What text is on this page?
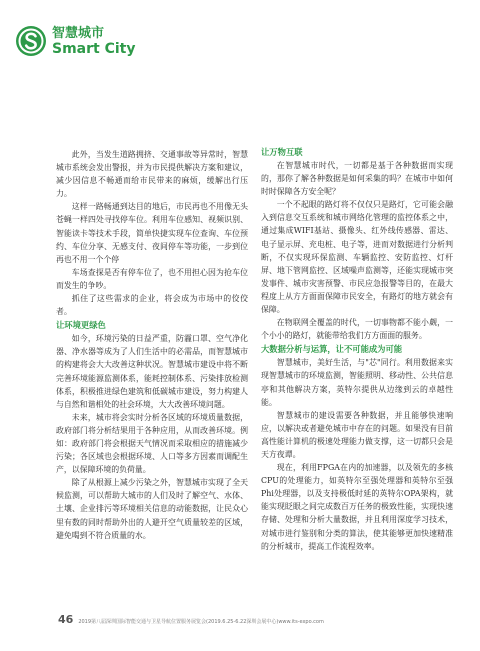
智慧城市
Smart City

此外，当发生道路拥挤、交通事故等异常时，智慧城市系统会发出警报，并为市民提供解决方案和建议，减少因信息不畅通而给市民带来的麻烦，缓解出行压力。

这样一路畅通到达目的地后，市民再也不用像无头苍蝇一样四处寻找停车位。利用车位感知、视频识别、智能读卡等技术手段，简单快捷实现车位查询、车位预约、车位分享、无感支付、夜间停车等功能，一步到位再也不用一个个停

车场查探是否有停车位了，也不用担心因为抢车位而发生的争吵。

抓住了这些需求的企业，将会成为市场中的佼佼者。

让环境更绿色

如今，环境污染的日益严重，防霾口罩、空气净化器、净水器等成为了人们生活中的必需品，而智慧城市的构建将会大大改善这种状况。智慧城市建设中将不断完善环境能源监测体系，能耗控制体系、污染排放检测体系，积极推进绿色建筑和低碳城市建设，努力构建人与自然和谐相处的社会环境，大大改善环境问题。

未来，城市将会实时分析各区域的环境质量数据，政府部门将分析结果用于各种应用，从而改善环境。例如：政府部门将会根据天气情况而采取相应的措施减少污染；各区域也会根据环境、人口等多方因素而调配生产，以保障环境的负荷量。

除了从根源上减少污染之外，智慧城市实现了全天候监测，可以帮助大城市的人们及时了解空气、水体、土壤、企业排污等环境相关信息的动能数据，让民众心里有数的同时帮助外出的人避开空气质量较差的区域，避免喝到不符合质量的水。

让万物互联

在智慧城市时代，一切都是基于各种数据而实现的，那你了解各种数据是如何采集的吗？在城市中如何时时保障各方安全呢？

一个不起眼的路灯将不仅仅只是路灯，它可能会融入到信息交互系统和城市网络化管理的监控体系之中，通过集成WIFI基站、摄像头、红外线传感器、雷达、电子显示屏、充电桩、电子等，进而对数据进行分析判断，不仅实现环保监测、车辆监控、安防监控、灯杆屏、地下管网监控、区域噪声监测等，还能实现城市突发事件、城市灾害预警、市民应急报警等目的，在最大程度上从方方面面保障市民安全，有路灯的地方就会有保障。

在物联网全覆盖的时代，一切事物都不能小觑，一个小小的路灯，就能带给我们方方面面的服务。

大数据分析与运算，让不可能成为可能

智慧城市，美好生活，与"芯"同行。利用数据来实现智慧城市的环境监测，智能照明、移动性、公共信息亭和其他解决方案，英特尔提供从边缘到云的卓越性能。

智慧城市的建设需要各种数据，并且能够快速响应，以解决或者避免城市中存在的问题。如果没有目前高性能计算机的极速处理能力做支撑，这一切都只会是天方夜谭。

现在，利用FPGA在内的加速器，以及领先的多核CPU的处理能力，如英特尔至强处理器和英特尔至强Phi处理器，以及支持极低时延的英特尔OPA架构，就能实现眨眼之间完成数百万任务的极致性能，实现快速存储、处理和分析大量数据，并且利用深度学习技术，对城市进行鉴别和分类的算法，使其能够更加快速精准的分析城市，提高工作流程效率。

46 2019第八届深圳国际智能交通与卫星导航位置服务展览会(2019.6.25-6.22深圳会展中心)www.its-expo.com
